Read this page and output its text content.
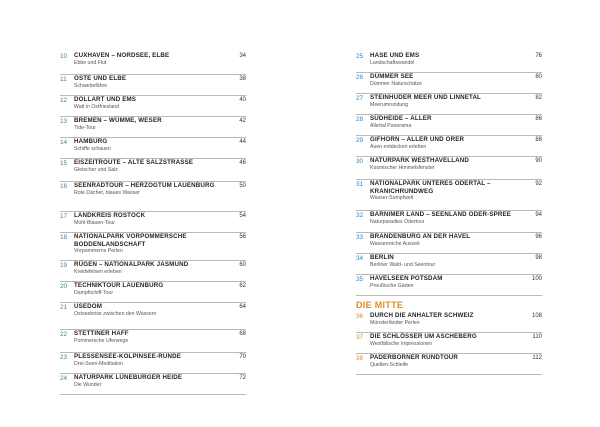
10	CUXHAVEN – NORDSEE, ELBE
Ebbe und Flut
34
11	OSTE UND ELBE
Schwebefähre
38
12	DOLLART UND EMS
Watt in Ostfriesland
40
13	BREMEN – WÜMME, WESER
Tide-Tour
42
14	HAMBURG
Schiffe schauen
44
15	EISZEITROUTE – ALTE SALZSTRASSE
Gletscher und Salz
46
16	SEENRADTOUR – HERZOGTUM LAUENBURG
Rote Dächer, blaues Wasser
50
17	LANDKREIS ROSTOCK
Mohl-Blauen-Tour
54
18	NATIONALPARK VORPOMMERSCHE BODDENLANDSCHAFT
Vorpommerns Perlen
56
19	RÜGEN – NATIONALPARK JASMUND
Kreidefelsen erleben
60
20	TECHNIKTOUR LAUENBURG
Dampfschiff-Tour
62
21	USEDOM
Ostseebrise zwischen den Wassern
64
22	STETTINER HAFF
Pommersche Uferwege
68
23	PLESSENSEE-KOLPINSEE-RUNDE
Drei-Seen-Meditation
70
24	NATURPARK LÜNEBURGER HEIDE
Die Wunder
72
25	HASE UND EMS
Landschaftswandel
76
26	DÜMMER SEE
Dümmer Naturschätze
80
27	STEINHUDER MEER UND LINNETAL
Meerumrundung
82
28	SÜDHEIDE – ALLER
Allertal Panorama
86
29	GIFHORN – ALLER UND ORER
Auen entdecken erleben
88
30	NATURPARK WESTHAVELLAND
Kosmischer Himmelsfenster
90
31	NATIONALPARK UNTERES ODERTAL – KRANICHRUNDWEG
Wasser-Sumpfwelt
92
32	BARNIMER LAND – SEENLAND ODER-SPREE
Naturparadies Odertour
94
33	BRANDENBURG AN DER HAVEL
Wasserreiche Auszeit
96
34	BERLIN
Berliner Wald- und Seentour
98
35	HAVELSEEN POTSDAM
Preußische Gärten
100
DIE MITTE
36	DURCH DIE ANHALTER SCHWEIZ
Münsterländer Perlen
108
37	DIE SCHLÖSSER UM ASCHEBERG
Westfälische Impressionen
110
38	PADERBORNER RUNDTOUR
Quellen-Schleife
112
